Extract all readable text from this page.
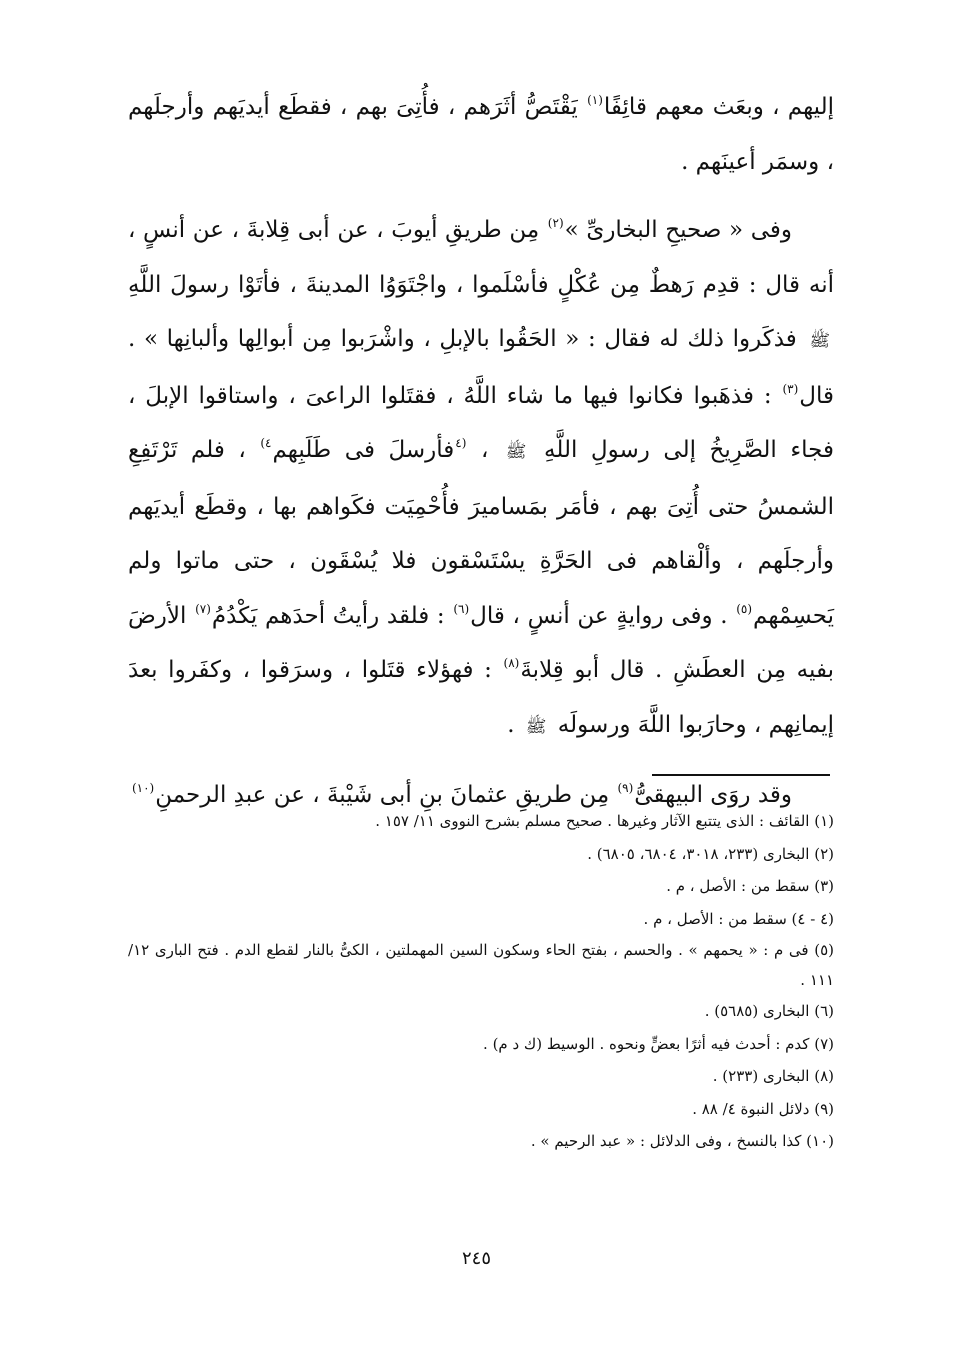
إليهم ، وبعَث معهم قائِفًا$^{(١)}$ يَقْتَصُّ أثَرَهم ، فأُتِىَ بهم ، فقطَع أيديَهم وأرجلَهم ، وسمَر أعينَهم .

وفى « صحيحِ البخارىِّ »$^{(٢)}$ مِن طريقِ أيوبَ ، عن أبى قِلابةَ ، عن أنسٍ ، أنه قال : قدِم رَهطٌ مِن عُكْلٍ فأسْلَموا ، واجْتَوَوُا المدينةَ ، فأتَوْا رسولَ اللَّهِ ﷺ فذكَروا ذلك له فقال : « الحَقُوا بالإبلِ ، واشْرَبوا مِن أبوالِها وألبانِها » . قال$^{(٣)}$ : فذهَبوا فكانوا فيها ما شاء اللَّهُ ، فقتَلوا الراعىَ ، واستاقوا الإبلَ ، فجاء الصَّرِيخُ إلى رسولِ اللَّهِ ﷺ ، $^{(٤}$فأرسلَ فى طَلَبِهم$^{٤)}$ ، فلم تَرْتَفِعِ الشمسُ حتى أُتِىَ بهم ، فأمَر بمَساميرَ فأُحْمِيَت فكَواهم بها ، وقطَع أيديَهم وأرجلَهم ، وألْقاهم فى الحَرَّةِ يسْتَسْقون فلا يُسْقَون ، حتى ماتوا ولم يَحسِمْهم$^{(٥)}$ . وفى روايةٍ عن أنسٍ ، قال$^{(٦)}$ : فلقد رأيتُ أحدَهم يَكْدُمُ$^{(٧)}$ الأرضَ بفيه مِن العطَشِ . قال أبو قِلابةَ$^{(٨)}$ : فهؤلاء قتَلوا ، وسرَقوا ، وكفَروا بعدَ إيمانِهم ، وحارَبوا اللَّهَ ورسولَه ﷺ .

وقد روَى البيهقىُّ$^{(٩)}$ مِن طريقِ عثمانَ بنِ أبى شَيْبةَ ، عن عبدِ الرحمنِ$^{(١٠)}$

(١) القائف : الذى يتتبع الآثار وغيرها . صحيح مسلم بشرح النووى ١١/ ١٥٧ .

(٢) البخارى (٢٣٣، ٣٠١٨، ٦٨٠٤، ٦٨٠٥) .

(٣) سقط من : الأصل ، م .

(٤ - ٤) سقط من : الأصل ، م .

(٥) فى م : « يحمهم » . والحسم ، بفتح الحاء وسكون السين المهملتين ، الكىُّ بالنار لقطع الدم . فتح البارى ١٢/ ١١١ .

(٦) البخارى (٥٦٨٥) .

(٧) كدم : أحدث فيه أثرًا بعضٍّ ونحوه . الوسيط (ك د م) .

(٨) البخارى (٢٣٣) .

(٩) دلائل النبوة ٤/ ٨٨ .

(١٠) كذا بالنسخ ، وفى الدلائل : « عبد الرحيم » .

٢٤٥
